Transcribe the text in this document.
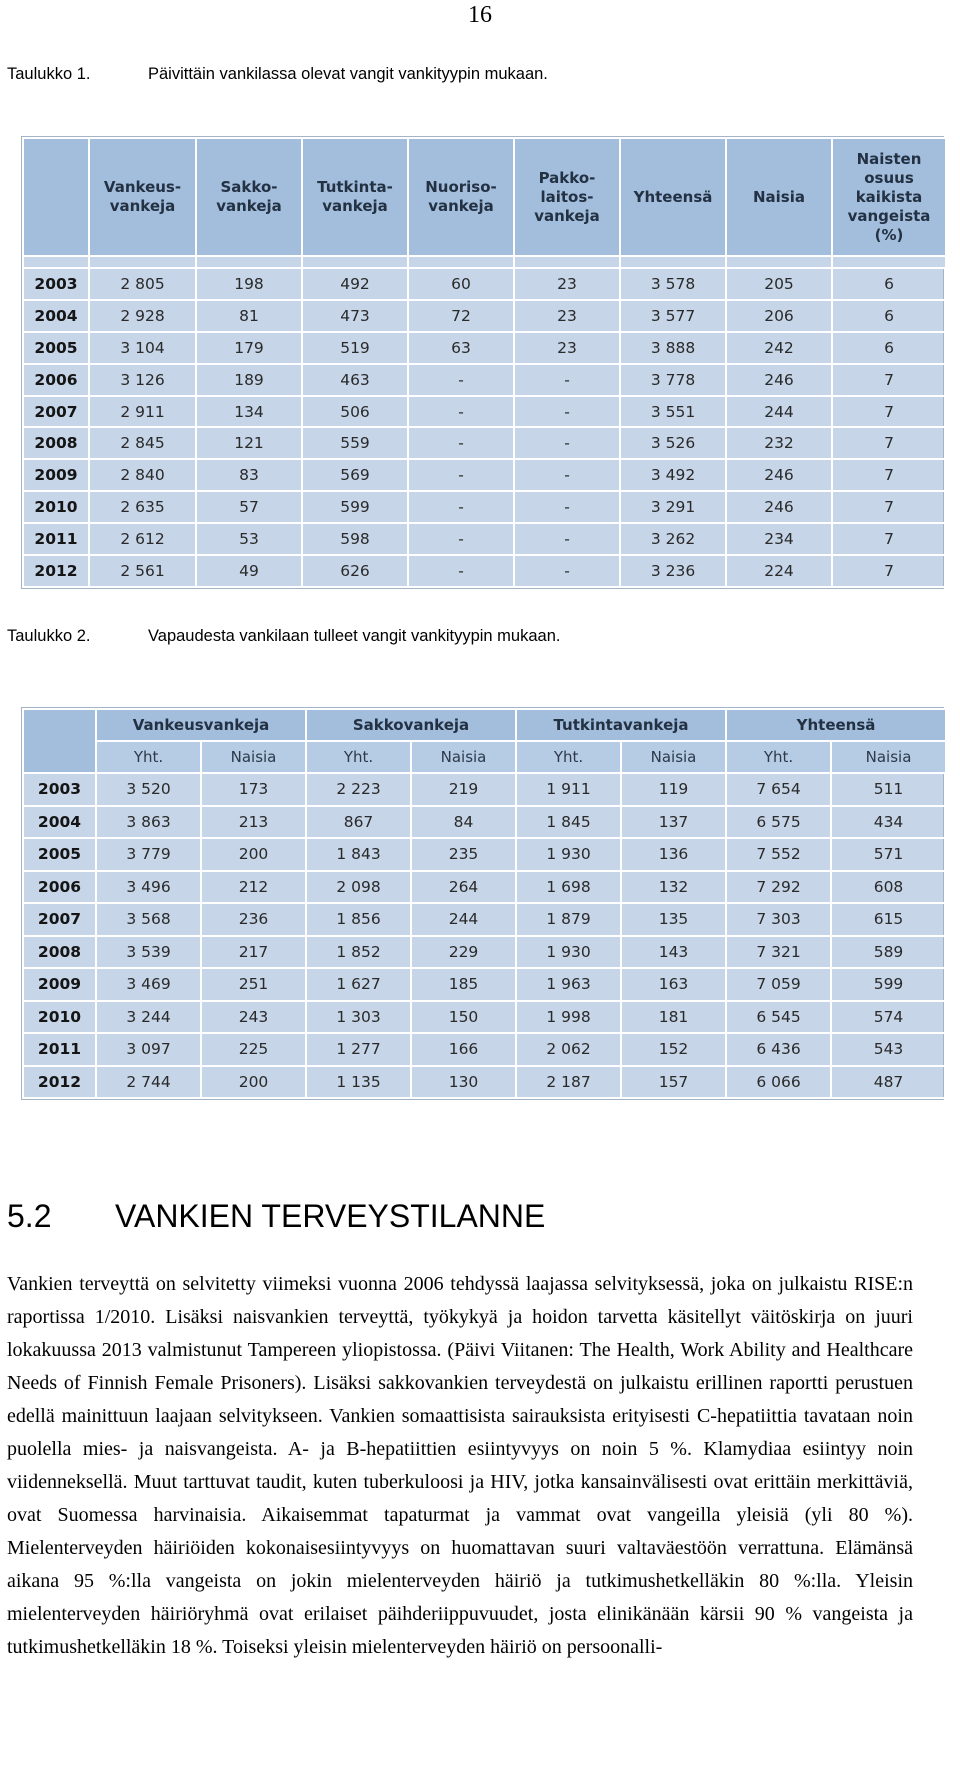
16
Taulukko 1.	Päivittäin vankilassa olevat vangit vankityypin mukaan.
	Vankeus-vankeja	Sakko-vankeja	Tutkinta-vankeja	Nuoriso-vankeja	Pakko-laitos-vankeja	Yhteensä	Naisia	Naisten osuus kaikista vangeista (%)

2003	2 805	198	492	60	23	3 578	205	6
2004	2 928	81	473	72	23	3 577	206	6
2005	3 104	179	519	63	23	3 888	242	6
2006	3 126	189	463	-	-	3 778	246	7
2007	2 911	134	506	-	-	3 551	244	7
2008	2 845	121	559	-	-	3 526	232	7
2009	2 840	83	569	-	-	3 492	246	7
2010	2 635	57	599	-	-	3 291	246	7
2011	2 612	53	598	-	-	3 262	234	7
2012	2 561	49	626	-	-	3 236	224	7
Taulukko 2.	Vapaudesta vankilaan tulleet vangit vankityypin mukaan.
	Vankeusvankeja		Sakkovankeja		Tutkintavankeja		Yhteensä	
	Yht.	Naisia	Yht.	Naisia	Yht.	Naisia	Yht.	Naisia
2003	3 520	173	2 223	219	1 911	119	7 654	511
2004	3 863	213	867	84	1 845	137	6 575	434
2005	3 779	200	1 843	235	1 930	136	7 552	571
2006	3 496	212	2 098	264	1 698	132	7 292	608
2007	3 568	236	1 856	244	1 879	135	7 303	615
2008	3 539	217	1 852	229	1 930	143	7 321	589
2009	3 469	251	1 627	185	1 963	163	7 059	599
2010	3 244	243	1 303	150	1 998	181	6 545	574
2011	3 097	225	1 277	166	2 062	152	6 436	543
2012	2 744	200	1 135	130	2 187	157	6 066	487
5.2 VANKIEN TERVEYSTILANNE

Vankien terveyttä on selvitetty viimeksi vuonna 2006 tehdyssä laajassa selvityksessä, joka on julkaistu RISE:n raportissa 1/2010. Lisäksi naisvankien terveyttä, työkykyä ja hoidon tarvetta käsitellyt väitöskirja on juuri lokakuussa 2013 valmistunut Tampereen yliopistossa. (Päivi Viitanen: The Health, Work Ability and Healthcare Needs of Finnish Female Prisoners). Lisäksi sakkovankien terveydestä on julkaistu erillinen raportti perustuen edellä mainittuun laajaan selvitykseen. Vankien somaattisista sairauksista erityisesti C-hepatiittia tavataan noin puolella mies- ja naisvangeista. A- ja B-hepatiittien esiintyvyys on noin 5 %. Klamydiaa esiintyy noin viidenneksellä. Muut tarttuvat taudit, kuten tuberkuloosi ja HIV, jotka kansainvälisesti ovat erittäin merkittäviä, ovat Suomessa harvinaisia. Aikaisemmat tapaturmat ja vammat ovat vangeilla yleisiä (yli 80 %). Mielenterveyden häiriöiden kokonaisesiintyvyys on huomattavan suuri valtaväestöön verrattuna. Elämänsä aikana 95 %:lla vangeista on jokin mielenterveyden häiriö ja tutkimushetkelläkin 80 %:lla. Yleisin mielenterveyden häiriöryhmä ovat erilaiset päihderiippuvuudet, josta elinikänään kärsii 90 % vangeista ja tutkimushetkelläkin 18 %. Toiseksi yleisin mielenterveyden häiriö on persoonalli-
